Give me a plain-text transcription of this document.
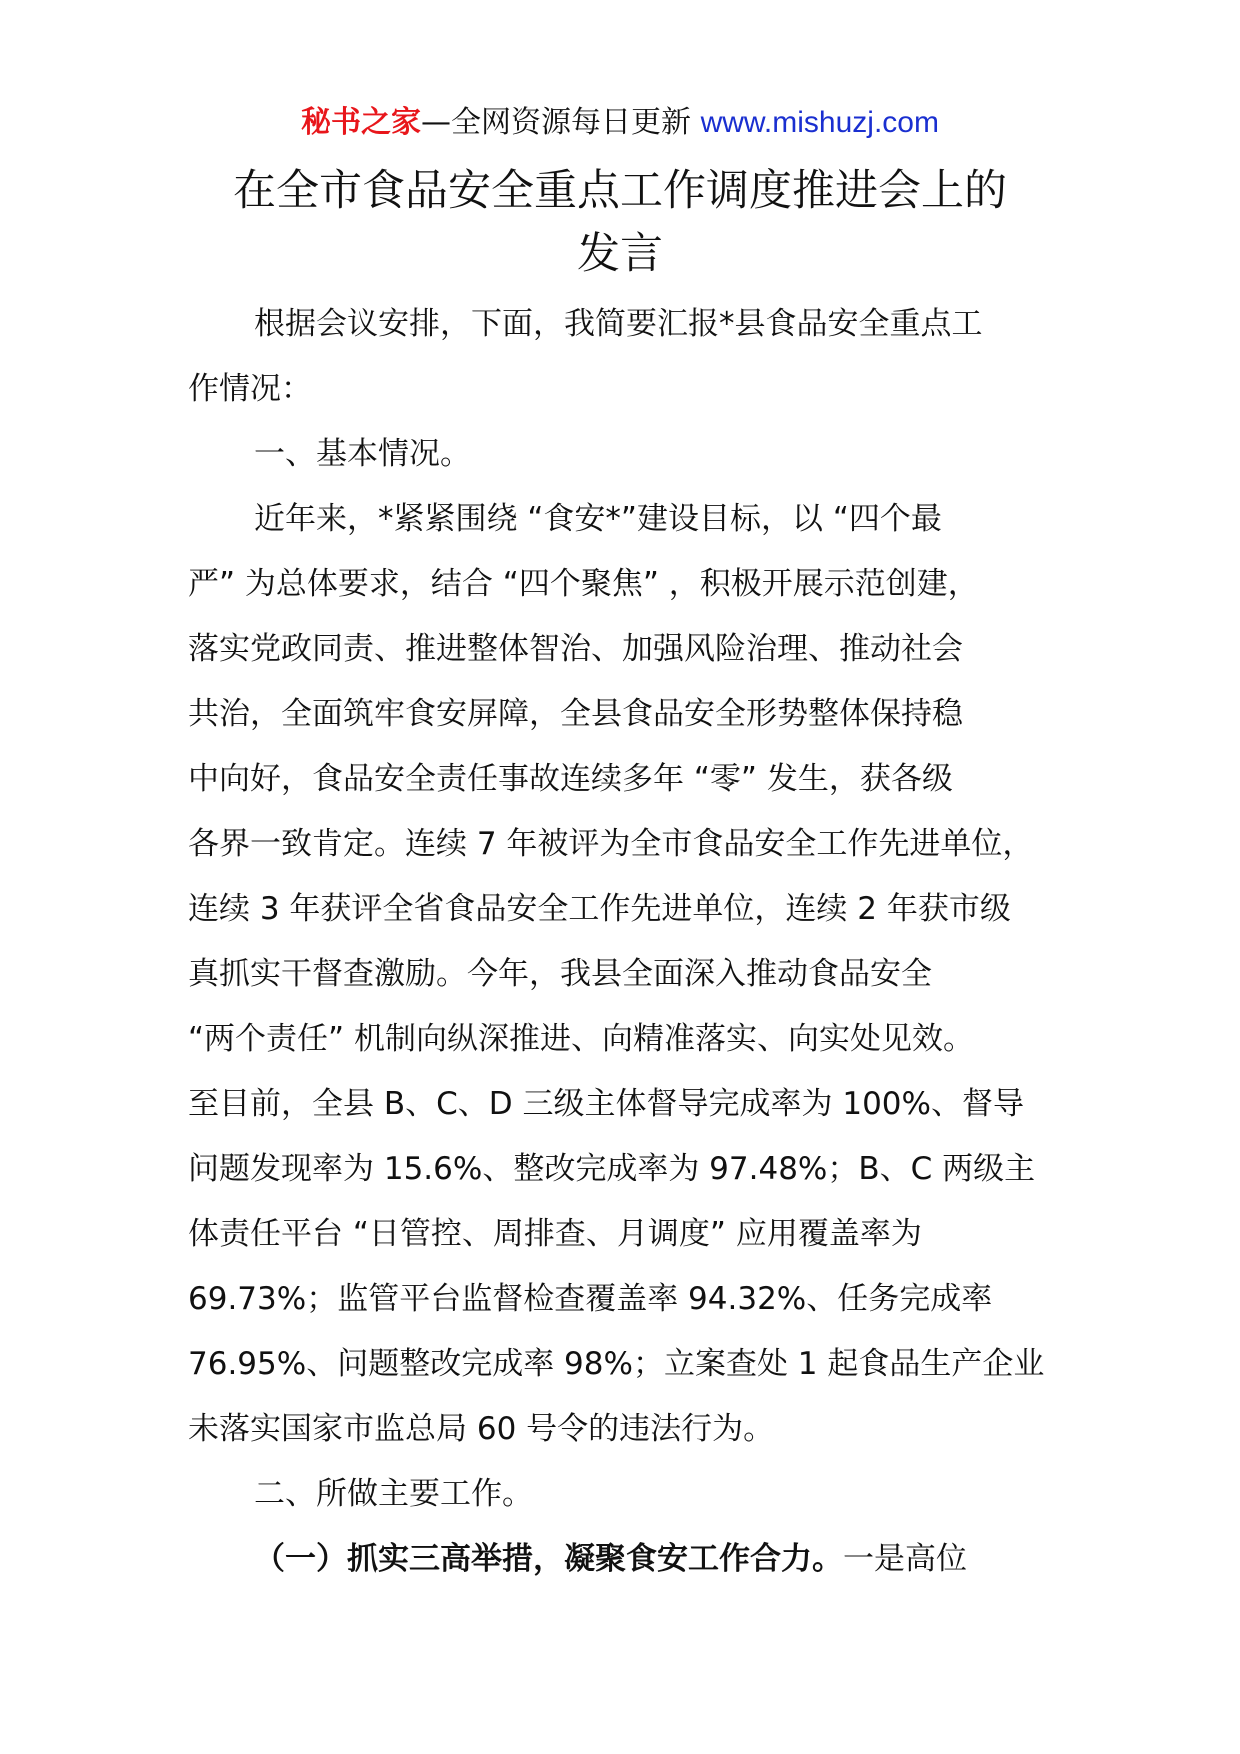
秘书之家—全网资源每日更新 www.mishuzj.com
在全市食品安全重点工作调度推进会上的
发言
根据会议安排，下面，我简要汇报*县食品安全重点工
作情况：
一、基本情况。
近年来，*紧紧围绕 “食安*”建设目标，以 “四个最
严” 为总体要求，结合 “四个聚焦” ，积极开展示范创建，
落实党政同责、推进整体智治、加强风险治理、推动社会
共治，全面筑牢食安屏障，全县食品安全形势整体保持稳
中向好，食品安全责任事故连续多年 “零” 发生，获各级
各界一致肯定。连续 7 年被评为全市食品安全工作先进单位，
连续 3 年获评全省食品安全工作先进单位，连续 2 年获市级
真抓实干督查激励。今年，我县全面深入推动食品安全
“两个责任” 机制向纵深推进、向精准落实、向实处见效。
至目前，全县 B、C、D 三级主体督导完成率为 100%、督导
问题发现率为 15.6%、整改完成率为 97.48%；B、C 两级主
体责任平台 “日管控、周排查、月调度” 应用覆盖率为
69.73%；监管平台监督检查覆盖率 94.32%、任务完成率
76.95%、问题整改完成率 98%；立案查处 1 起食品生产企业
未落实国家市监总局 60 号令的违法行为。
二、所做主要工作。
（一）抓实三高举措，凝聚食安工作合力。一是高位
